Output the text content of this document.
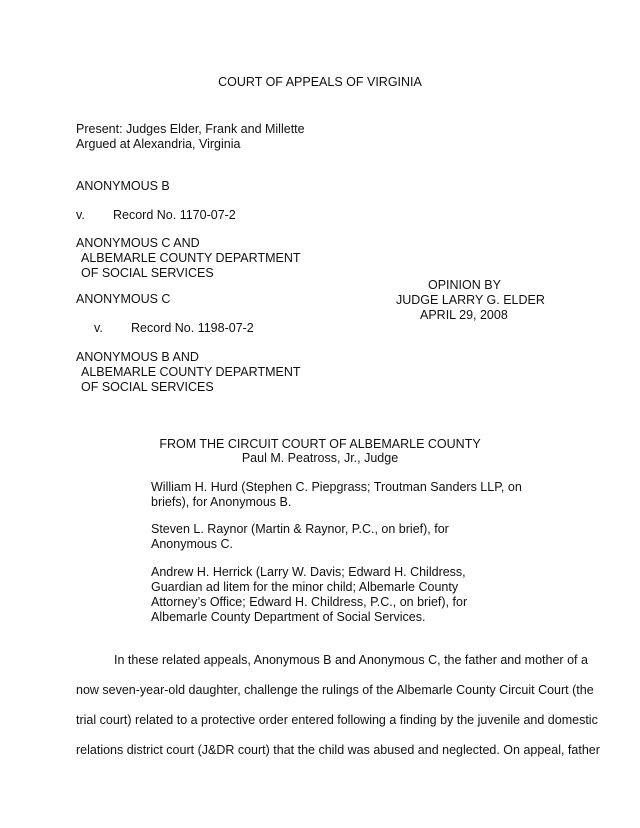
COURT OF APPEALS OF VIRGINIA
Present: Judges Elder, Frank and Millette
Argued at Alexandria, Virginia
ANONYMOUS B
v. Record No. 1170-07-2
ANONYMOUS C AND
ALBEMARLE COUNTY DEPARTMENT
OF SOCIAL SERVICES
OPINION BY
JUDGE LARRY G. ELDER
APRIL 29, 2008
ANONYMOUS C
v. Record No. 1198-07-2
ANONYMOUS B AND
ALBEMARLE COUNTY DEPARTMENT
OF SOCIAL SERVICES
FROM THE CIRCUIT COURT OF ALBEMARLE COUNTY
Paul M. Peatross, Jr., Judge
William H. Hurd (Stephen C. Piepgrass; Troutman Sanders LLP, on
briefs), for Anonymous B.
Steven L. Raynor (Martin & Raynor, P.C., on brief), for
Anonymous C.
Andrew H. Herrick (Larry W. Davis; Edward H. Childress,
Guardian ad litem for the minor child; Albemarle County
Attorney’s Office; Edward H. Childress, P.C., on brief), for
Albemarle County Department of Social Services.
In these related appeals, Anonymous B and Anonymous C, the father and mother of a
now seven-year-old daughter, challenge the rulings of the Albemarle County Circuit Court (the
trial court) related to a protective order entered following a finding by the juvenile and domestic
relations district court (J&DR court) that the child was abused and neglected. On appeal, father
